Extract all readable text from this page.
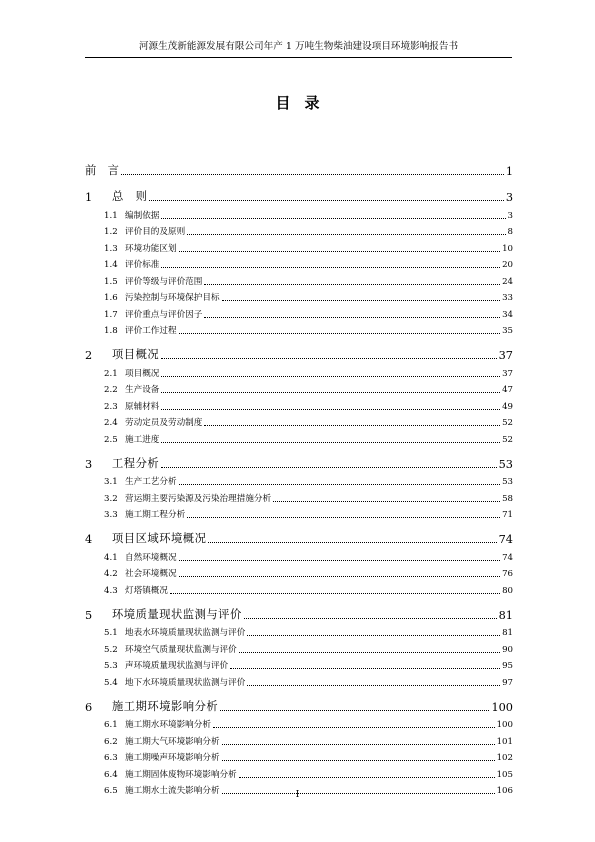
河源生茂新能源发展有限公司年产 1 万吨生物柴油建设项目环境影响报告书
目录
前　言	1
1	总　则	3
1.1 编制依据	3
1.2 评价目的及原则	8
1.3 环境功能区划	10
1.4 评价标准	20
1.5 评价等级与评价范围	24
1.6 污染控制与环境保护目标	33
1.7 评价重点与评价因子	34
1.8 评价工作过程	35
2	项目概况	37
2.1 项目概况	37
2.2 生产设备	47
2.3 原辅材料	49
2.4 劳动定员及劳动制度	52
2.5 施工进度	52
3	工程分析	53
3.1 生产工艺分析	53
3.2 营运期主要污染源及污染治理措施分析	58
3.3 施工期工程分析	71
4	项目区域环境概况	74
4.1 自然环境概况	74
4.2 社会环境概况	76
4.3 灯塔镇概况	80
5	环境质量现状监测与评价	81
5.1 地表水环境质量现状监测与评价	81
5.2 环境空气质量现状监测与评价	90
5.3 声环境质量现状监测与评价	95
5.4 地下水环境质量现状监测与评价	97
6	施工期环境影响分析	100
6.1 施工期水环境影响分析	100
6.2 施工期大气环境影响分析	101
6.3 施工期噪声环境影响分析	102
6.4 施工期固体废物环境影响分析	105
6.5 施工期水土流失影响分析	106
I
